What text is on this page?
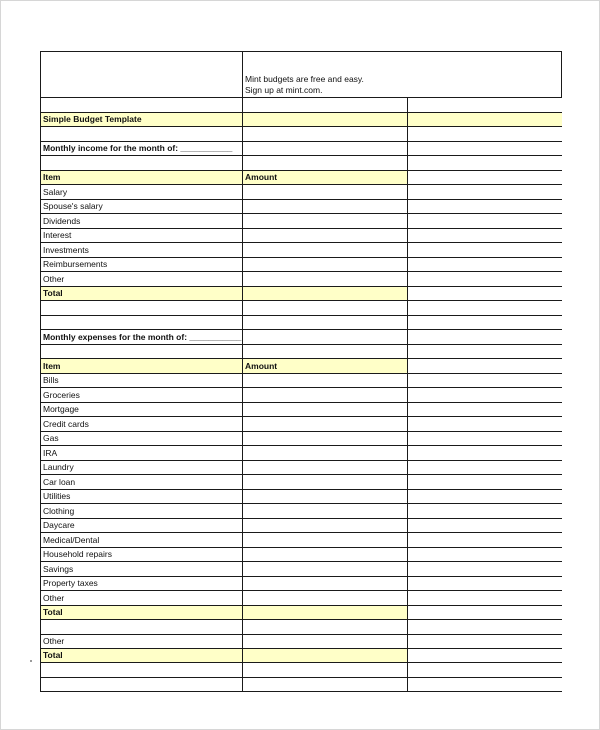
	Mint budgets are free and easy.
Sign up at mint.com.	

Simple Budget Template		

Monthly income for the month of: ___________		

Item	Amount	
Salary		
Spouse's salary		
Dividends		
Interest		
Investments		
Reimbursements		
Other		
Total		

Monthly expenses for the month of: ___________		

Item	Amount	
Bills		
Groceries		
Mortgage		
Credit cards		
Gas		
IRA		
Laundry		
Car loan		
Utilities		
Clothing		
Daycare		
Medical/Dental		
Household repairs		
Savings		
Property taxes		
Other		
Total		

Other		
Total		
